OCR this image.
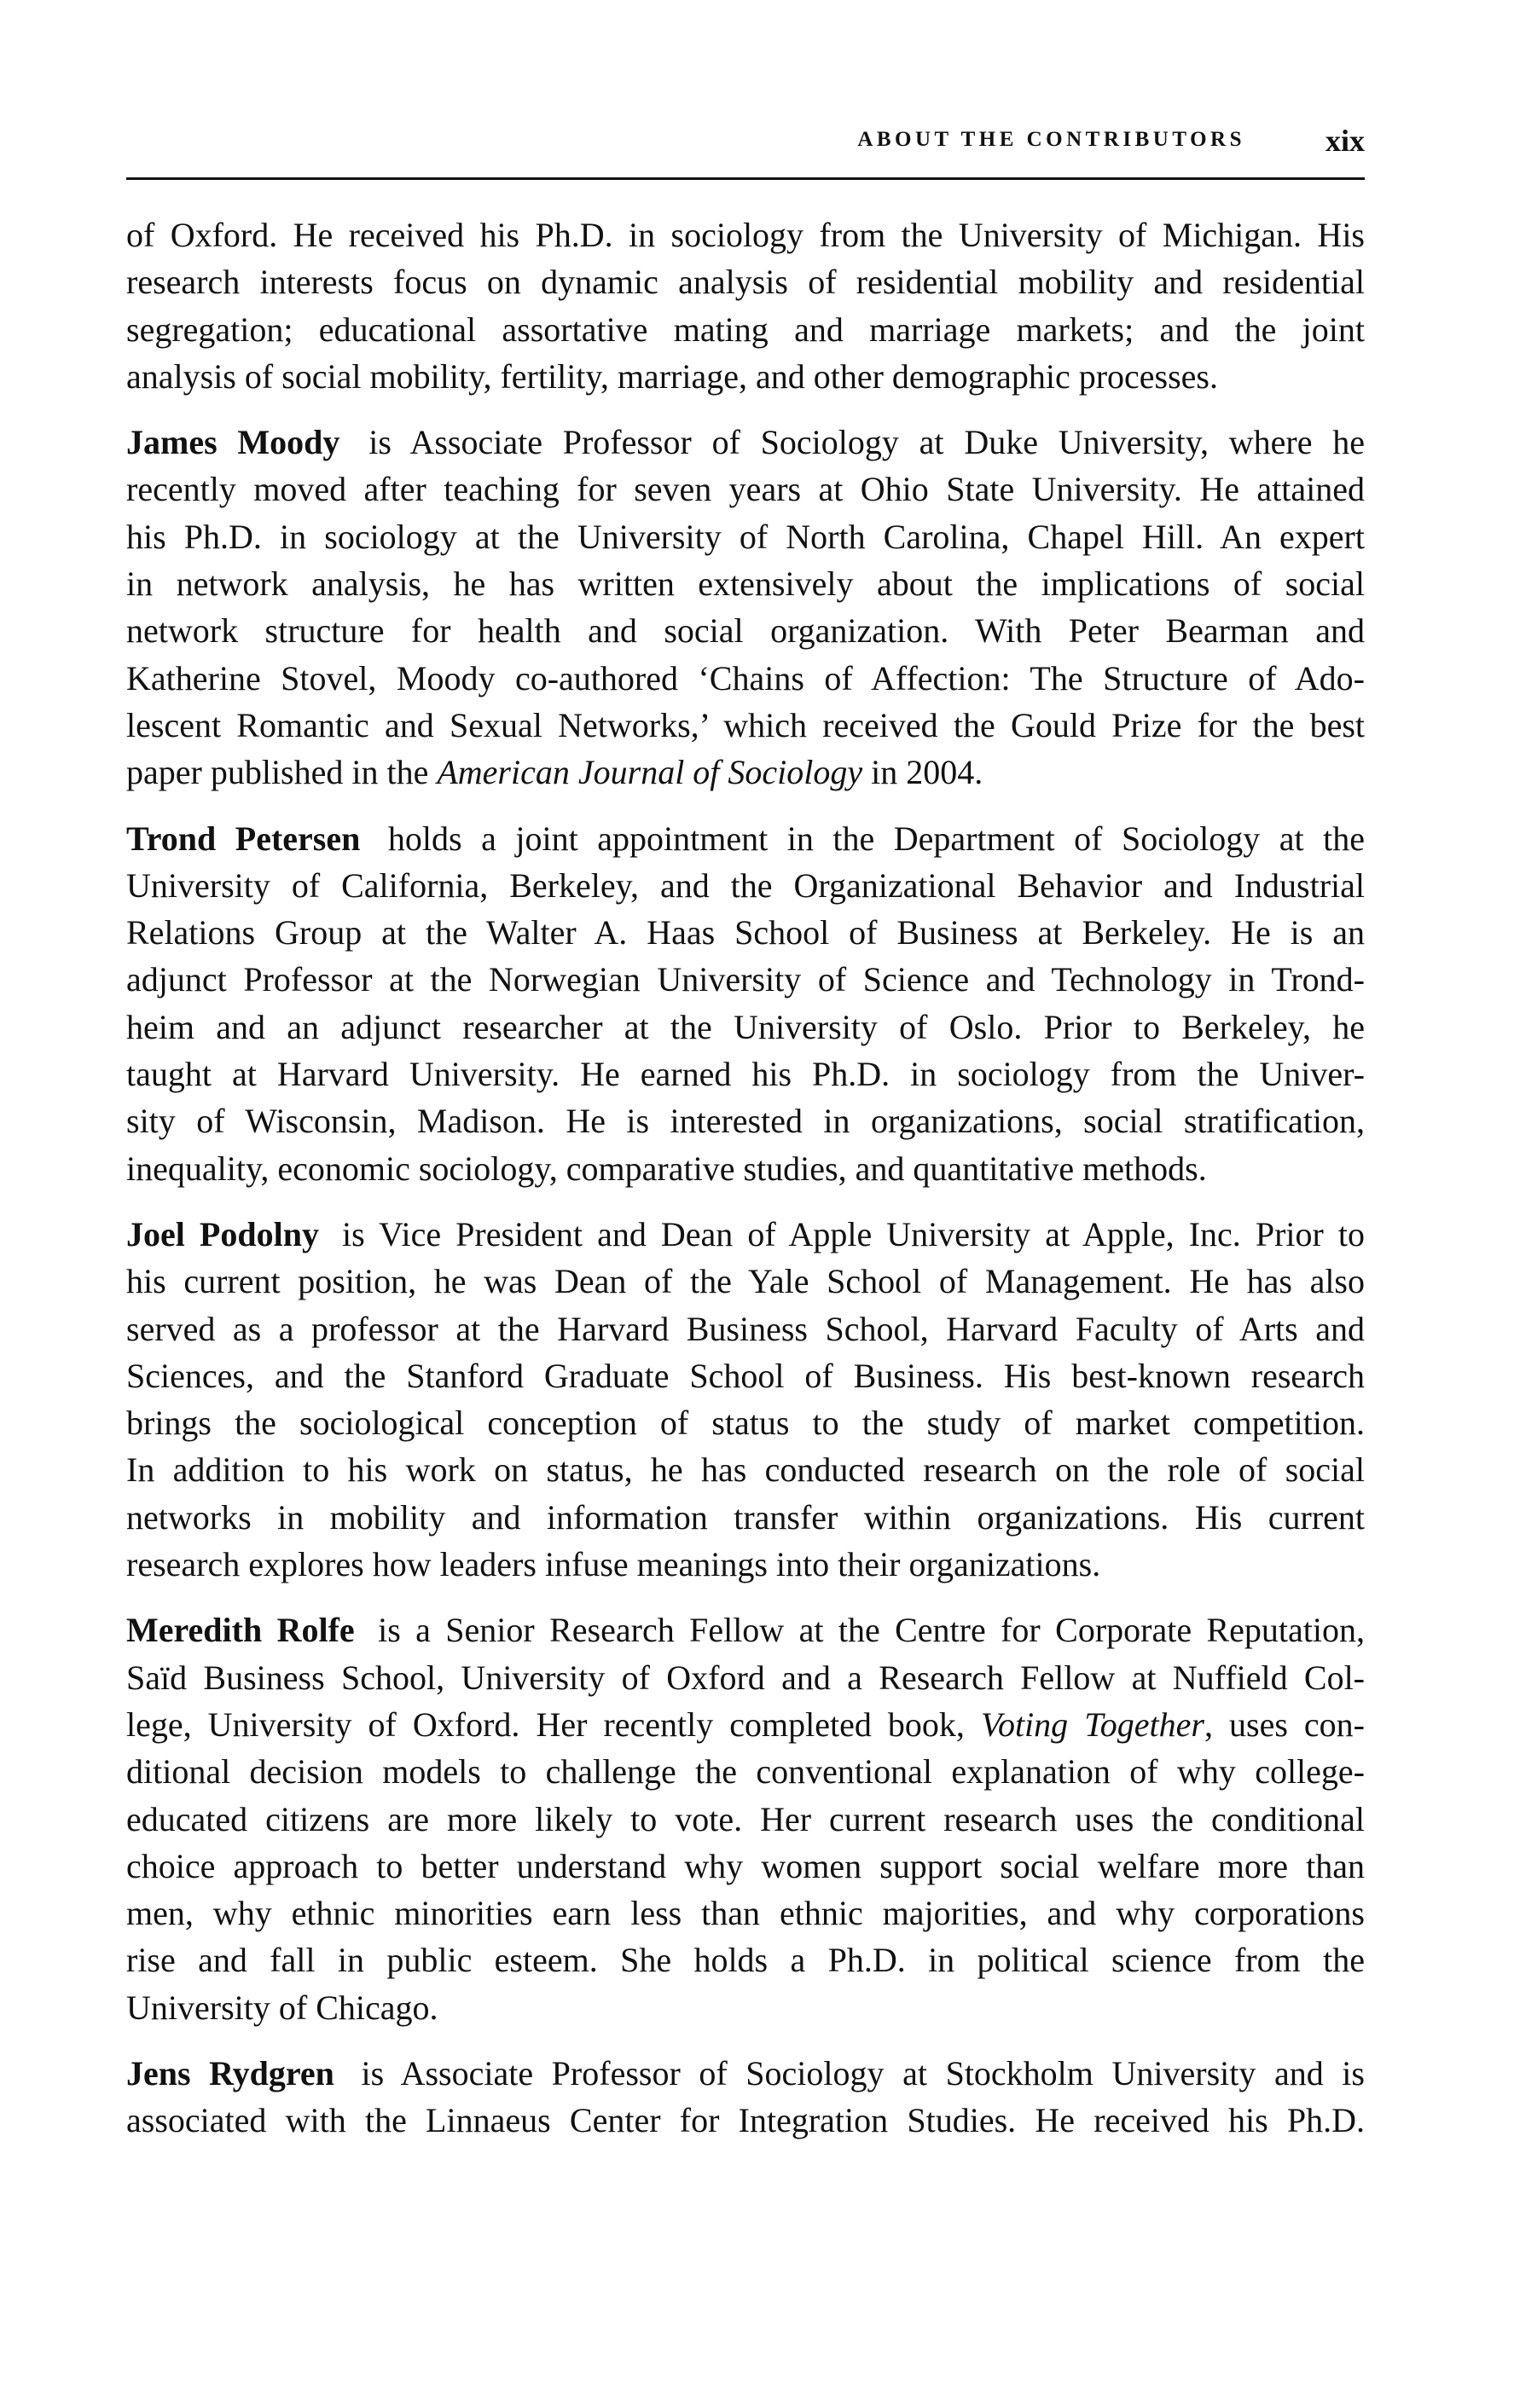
ABOUT THE CONTRIBUTORS	xix

of Oxford. He received his Ph.D. in sociology from the University of Michigan. His
research interests focus on dynamic analysis of residential mobility and residential
segregation; educational assortative mating and marriage markets; and the joint
analysis of social mobility, fertility, marriage, and other demographic processes.

James Moody is Associate Professor of Sociology at Duke University, where he
recently moved after teaching for seven years at Ohio State University. He attained
his Ph.D. in sociology at the University of North Carolina, Chapel Hill. An expert
in network analysis, he has written extensively about the implications of social
network structure for health and social organization. With Peter Bearman and
Katherine Stovel, Moody co-authored ‘Chains of Affection: The Structure of Ado-
lescent Romantic and Sexual Networks,’ which received the Gould Prize for the best
paper published in the American Journal of Sociology in 2004.

Trond Petersen holds a joint appointment in the Department of Sociology at the
University of California, Berkeley, and the Organizational Behavior and Industrial
Relations Group at the Walter A. Haas School of Business at Berkeley. He is an
adjunct Professor at the Norwegian University of Science and Technology in Trond-
heim and an adjunct researcher at the University of Oslo. Prior to Berkeley, he
taught at Harvard University. He earned his Ph.D. in sociology from the Univer-
sity of Wisconsin, Madison. He is interested in organizations, social stratification,
inequality, economic sociology, comparative studies, and quantitative methods.

Joel Podolny is Vice President and Dean of Apple University at Apple, Inc. Prior to
his current position, he was Dean of the Yale School of Management. He has also
served as a professor at the Harvard Business School, Harvard Faculty of Arts and
Sciences, and the Stanford Graduate School of Business. His best-known research
brings the sociological conception of status to the study of market competition.
In addition to his work on status, he has conducted research on the role of social
networks in mobility and information transfer within organizations. His current
research explores how leaders infuse meanings into their organizations.

Meredith Rolfe is a Senior Research Fellow at the Centre for Corporate Reputation,
Saïd Business School, University of Oxford and a Research Fellow at Nuffield Col-
lege, University of Oxford. Her recently completed book, Voting Together, uses con-
ditional decision models to challenge the conventional explanation of why college-
educated citizens are more likely to vote. Her current research uses the conditional
choice approach to better understand why women support social welfare more than
men, why ethnic minorities earn less than ethnic majorities, and why corporations
rise and fall in public esteem. She holds a Ph.D. in political science from the
University of Chicago.

Jens Rydgren is Associate Professor of Sociology at Stockholm University and is
associated with the Linnaeus Center for Integration Studies. He received his Ph.D.
